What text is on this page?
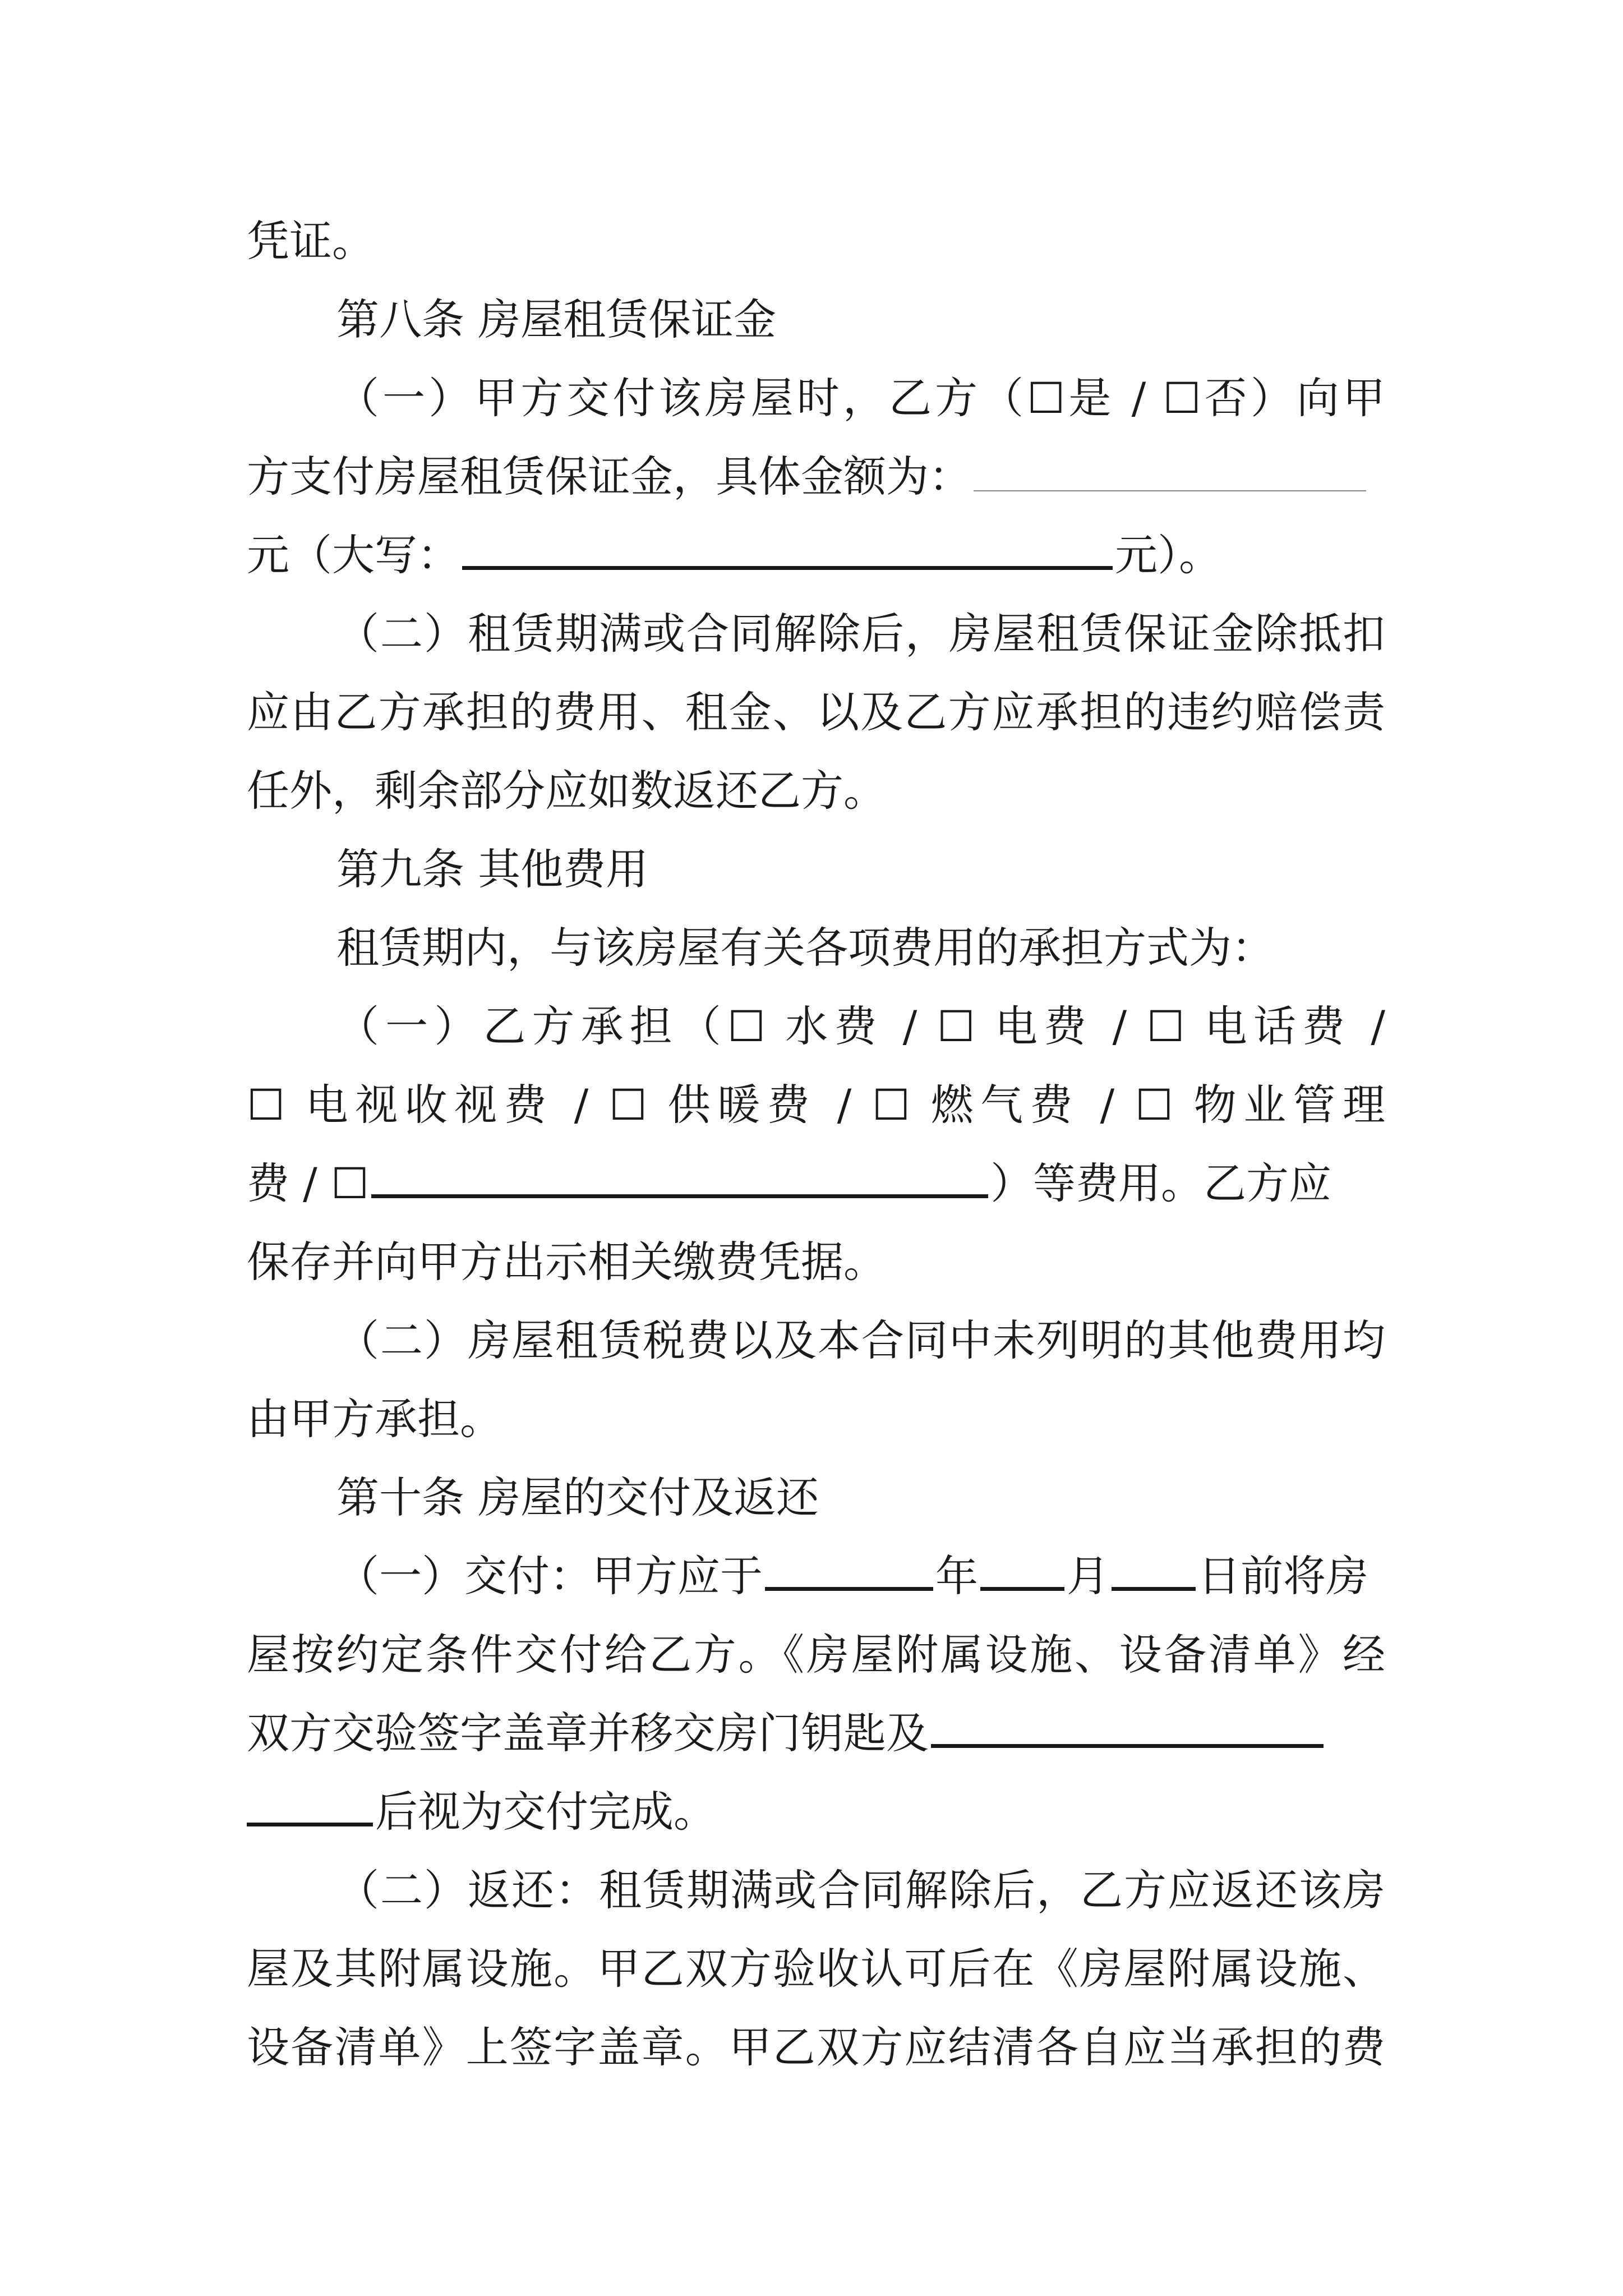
凭证。
第八条 房屋租赁保证金
（一）甲方交付该房屋时，乙方（☐是 / ☐否）向甲
方支付房屋租赁保证金，具体金额为：
元（大写：	元）。
（二）租赁期满或合同解除后，房屋租赁保证金除抵扣
应由乙方承担的费用、租金、以及乙方应承担的违约赔偿责
任外，剩余部分应如数返还乙方。
第九条 其他费用
租赁期内，与该房屋有关各项费用的承担方式为：
（一）乙方承担（☐ 水费 / ☐ 电费 / ☐ 电话费 /
☐ 电视收视费 / ☐ 供暖费 / ☐ 燃气费 / ☐ 物业管理
费 / ☐	）等费用。乙方应
保存并向甲方出示相关缴费凭据。
（二）房屋租赁税费以及本合同中未列明的其他费用均
由甲方承担。
第十条 房屋的交付及返还
（一）交付：甲方应于	年 月 日前将房
屋按约定条件交付给乙方。《房屋附属设施、设备清单》经
双方交验签字盖章并移交房门钥匙及
后视为交付完成。
（二）返还：租赁期满或合同解除后，乙方应返还该房
屋及其附属设施。甲乙双方验收认可后在《房屋附属设施、
设备清单》上签字盖章。甲乙双方应结清各自应当承担的费
